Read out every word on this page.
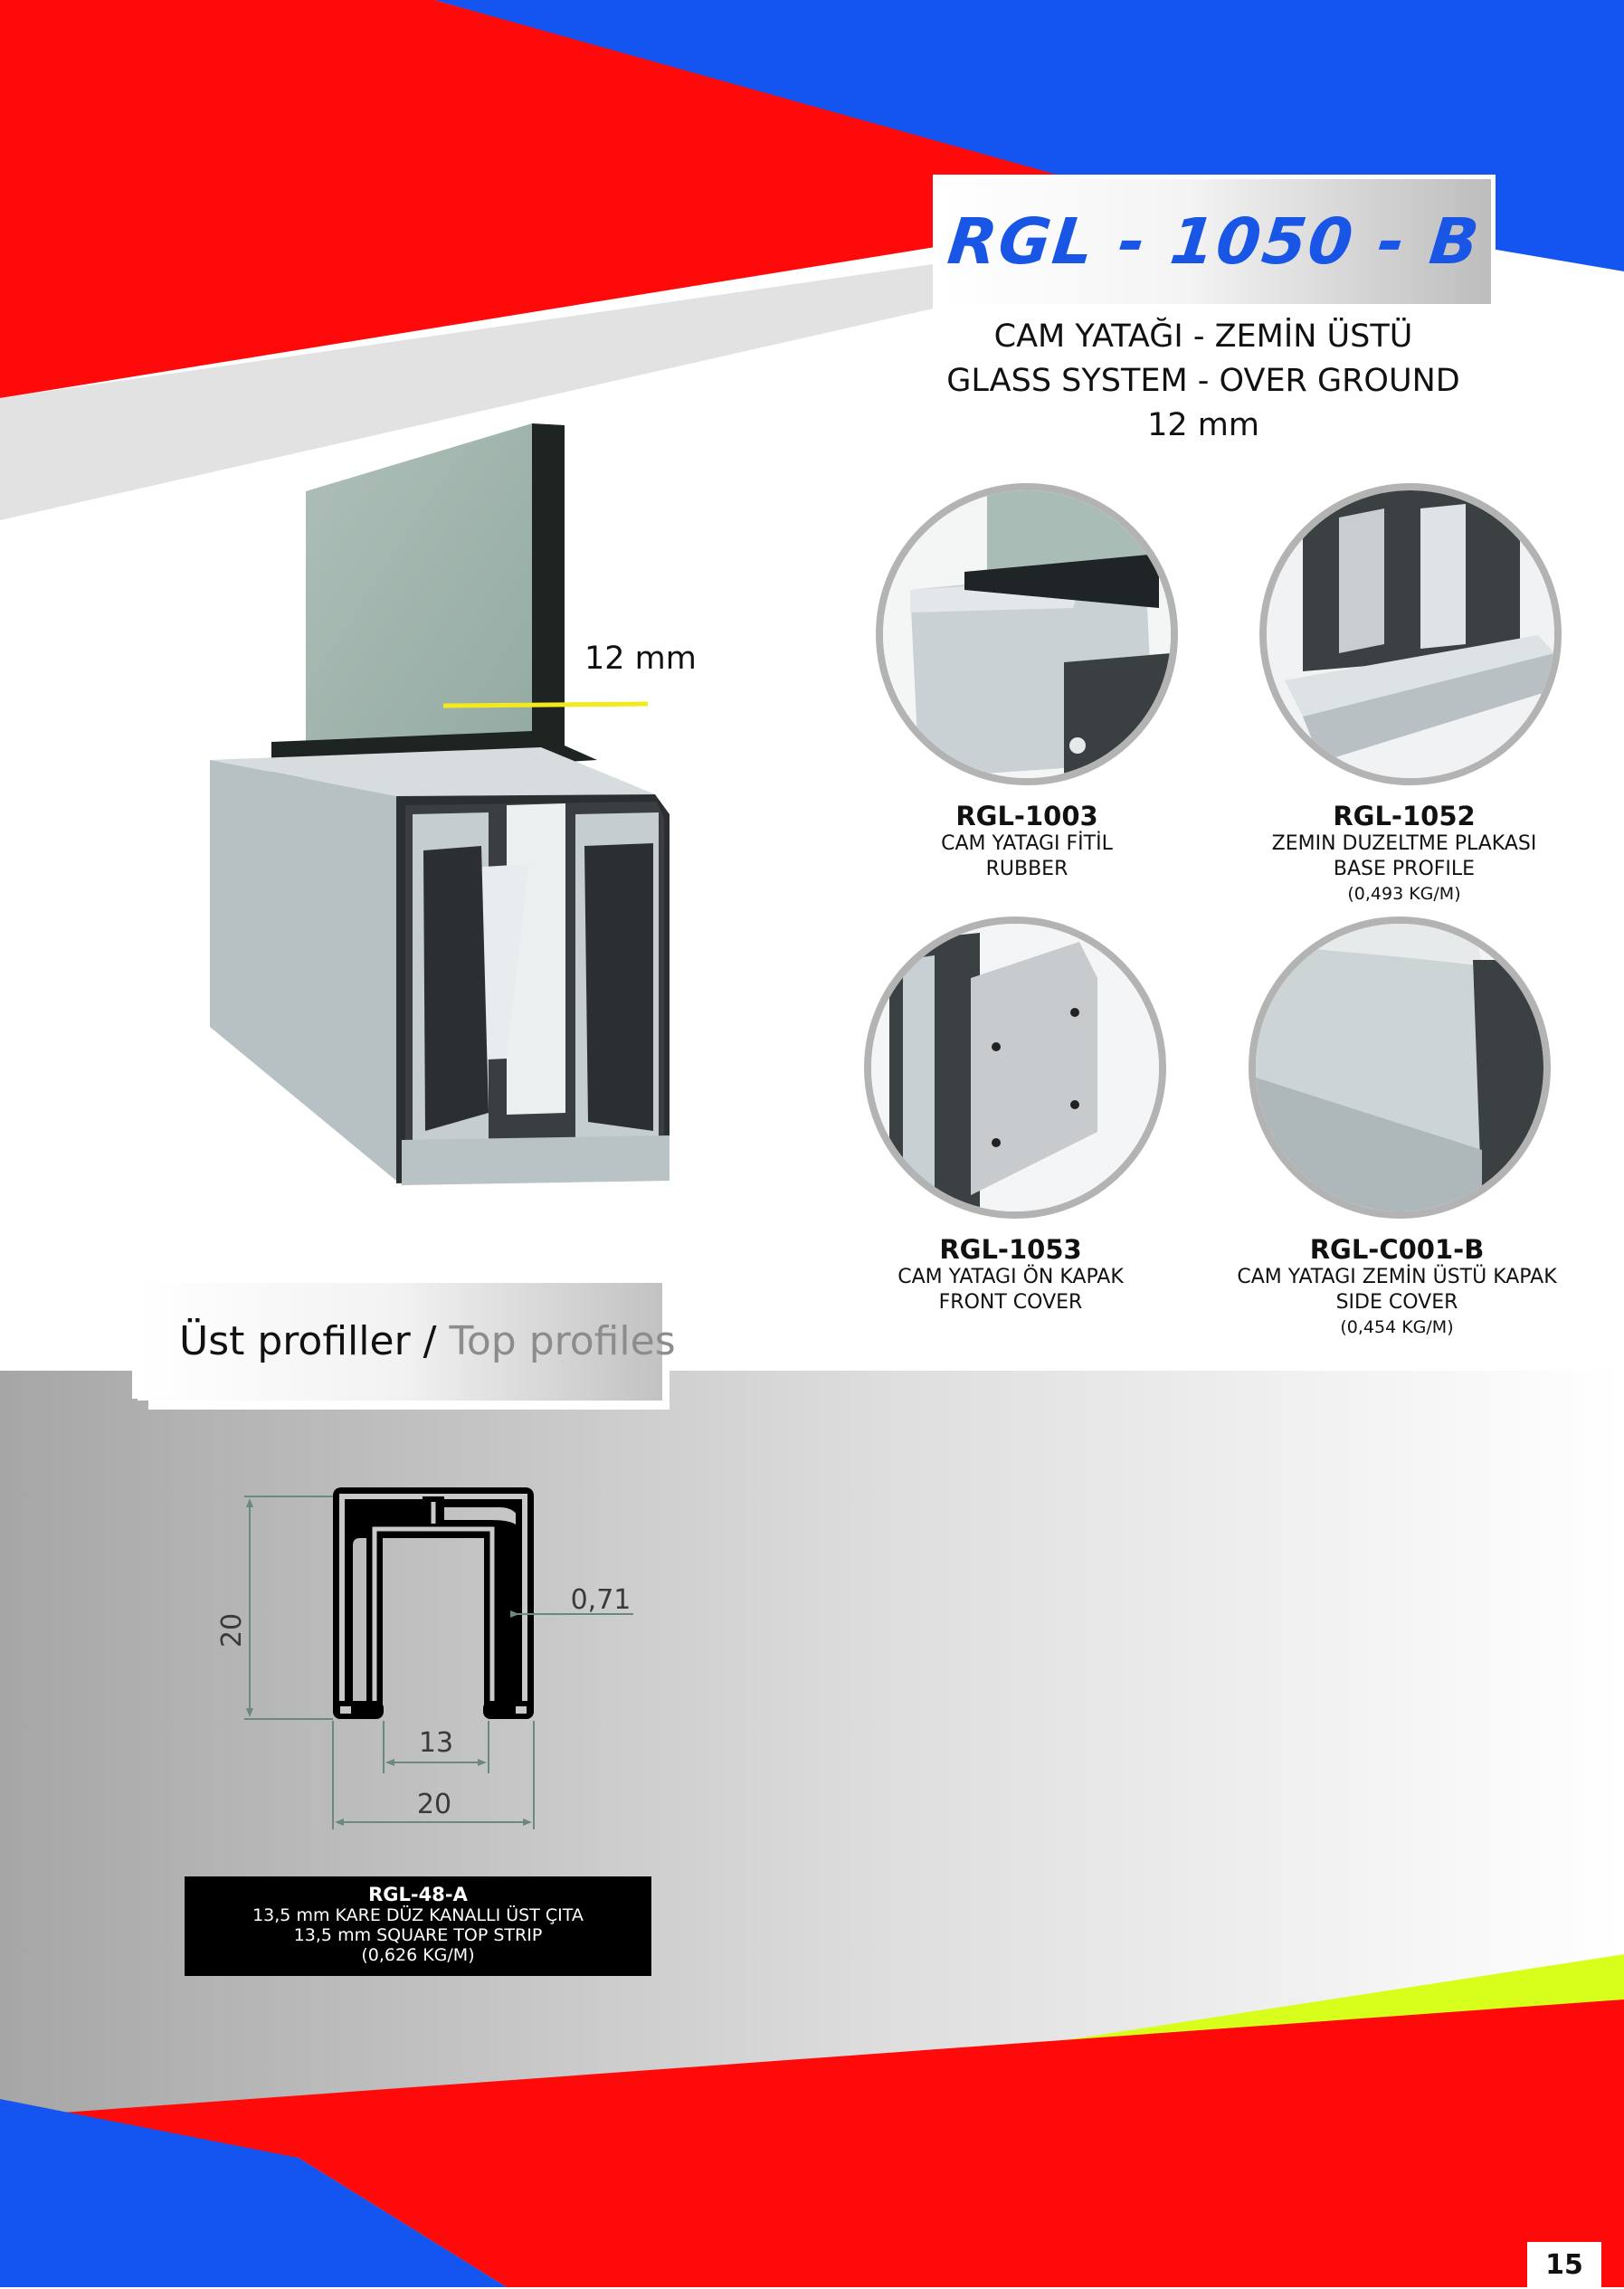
12 mm
RGL - 1050 - B
CAM YATAĞI - ZEMİN ÜSTÜ
GLASS SYSTEM - OVER GROUND
12 mm
RGL-1003
CAM YATAGI FİTİL
RUBBER
RGL-1052
ZEMIN DUZELTME PLAKASI
BASE PROFILE
(0,493 KG/M)
RGL-1053
CAM YATAGI ÖN KAPAK
FRONT COVER
RGL-C001-B
CAM YATAGI ZEMİN ÜSTÜ KAPAK
SIDE COVER
(0,454 KG/M)
Üst profiller / Top profiles
20
0,71
13
20
RGL-48-A
13,5 mm KARE DÜZ KANALLI ÜST ÇITA
13,5 mm SQUARE TOP STRIP
(0,626 KG/M)
15
